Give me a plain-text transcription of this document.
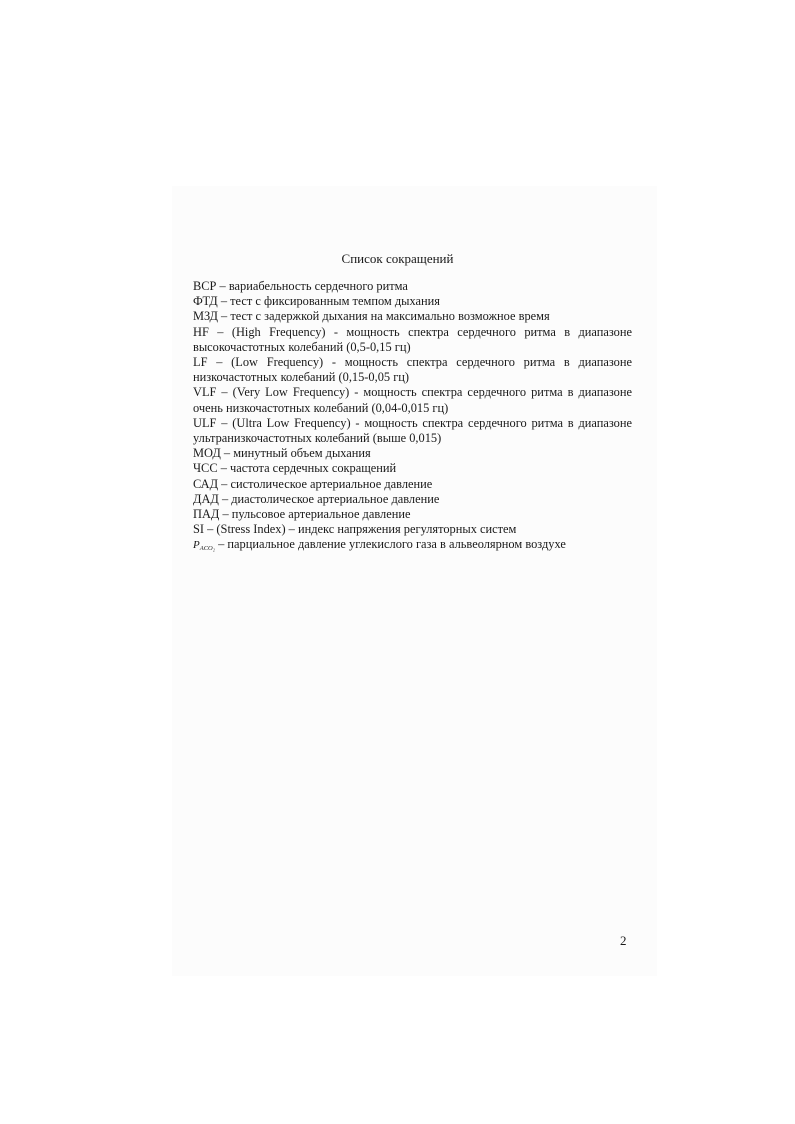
Список сокращений
ВСР – вариабельность сердечного ритма
ФТД – тест с фиксированным темпом дыхания
МЗД – тест с задержкой дыхания на максимально возможное время
HF – (High Frequency) - мощность спектра сердечного ритма в диапазоне высокочастотных колебаний (0,5-0,15 гц)
LF – (Low Frequency) - мощность спектра сердечного ритма в диапазоне низкочастотных колебаний (0,15-0,05 гц)
VLF – (Very Low Frequency) - мощность спектра сердечного ритма в диапазоне очень низкочастотных колебаний (0,04-0,015 гц)
ULF – (Ultra Low Frequency) - мощность спектра сердечного ритма в диапазоне ультранизкочастотных колебаний (выше 0,015)
МОД – минутный объем дыхания
ЧСС – частота сердечных сокращений
САД – систолическое артериальное давление
ДАД – диастолическое артериальное давление
ПАД – пульсовое артериальное давление
SI – (Stress Index) – индекс напряжения регуляторных систем
$P_{ACO_2}$ – парциальное давление углекислого газа в альвеолярном воздухе
2
